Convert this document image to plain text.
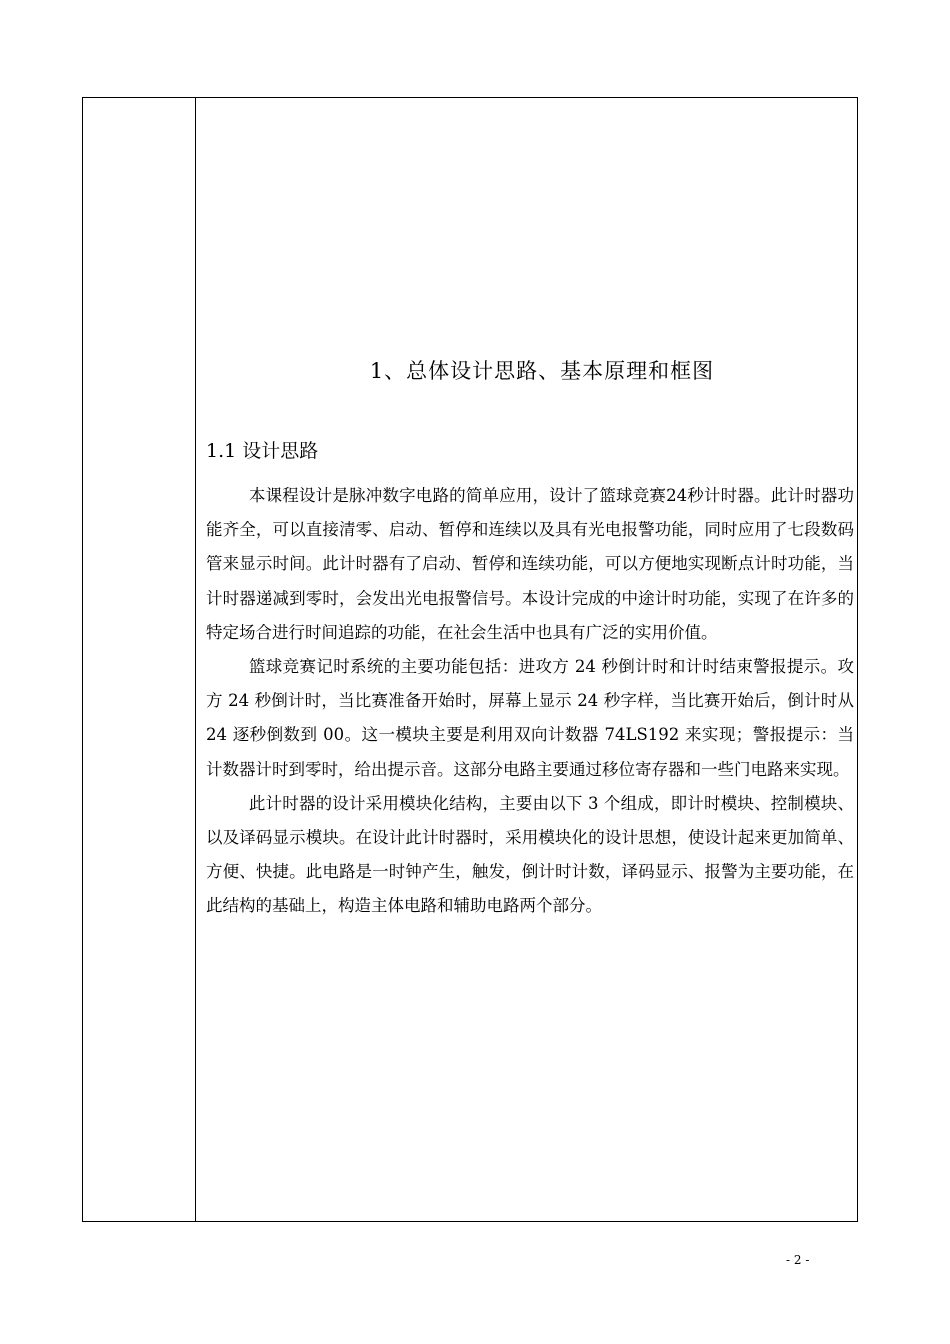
1、总体设计思路、基本原理和框图
1.1 设计思路

本课程设计是脉冲数字电路的简单应用，设计了篮球竞赛24秒计时器。此计时器功能齐全，可以直接清零、启动、暂停和连续以及具有光电报警功能，同时应用了七段数码管来显示时间。此计时器有了启动、暂停和连续功能，可以方便地实现断点计时功能，当计时器递减到零时，会发出光电报警信号。本设计完成的中途计时功能，实现了在许多的特定场合进行时间追踪的功能，在社会生活中也具有广泛的实用价值。

篮球竞赛记时系统的主要功能包括：进攻方 24 秒倒计时和计时结束警报提示。攻方 24 秒倒计时，当比赛准备开始时，屏幕上显示 24 秒字样，当比赛开始后，倒计时从 24 逐秒倒数到 00。这一模块主要是利用双向计数器 74LS192 来实现；警报提示：当计数器计时到零时，给出提示音。这部分电路主要通过移位寄存器和一些门电路来实现。

此计时器的设计采用模块化结构，主要由以下 3 个组成，即计时模块、控制模块、以及译码显示模块。在设计此计时器时，采用模块化的设计思想，使设计起来更加简单、方便、快捷。此电路是一时钟产生，触发，倒计时计数，译码显示、报警为主要功能，在此结构的基础上，构造主体电路和辅助电路两个部分。

- 2 -
